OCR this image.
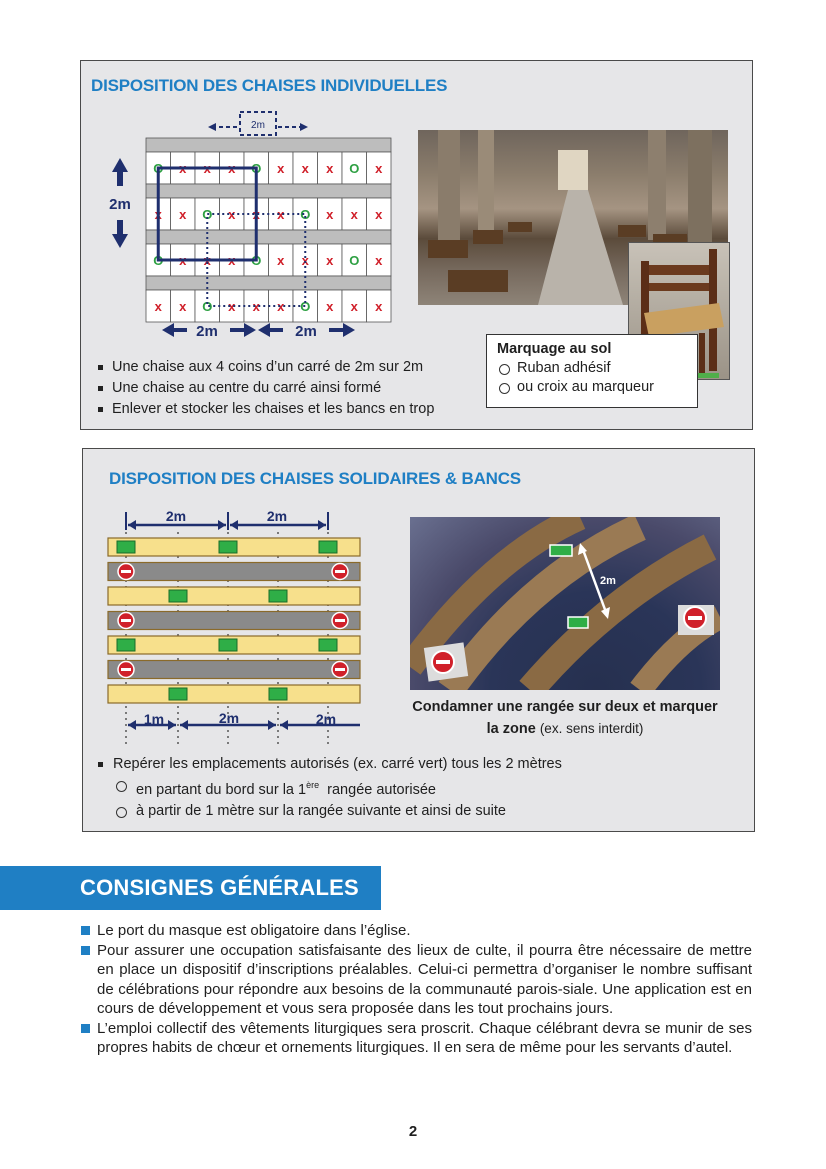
DISPOSITION DES CHAISES INDIVIDUELLES
2m
2m
O x x x O x x x O x
x x O x x x O x x x
O x x x O x x x O x
x x O x x x O x x x
2m	2m
Marquage au sol
Ruban adhésif
ou croix au marqueur
Une chaise aux 4 coins d’un carré de 2m sur 2m
Une chaise au centre du carré ainsi formé
Enlever et stocker les chaises et les bancs en trop
DISPOSITION DES CHAISES SOLIDAIRES & BANCS
2m	2m
1m	2m	2m
2m
Condamner une rangée sur deux et marquer la zone (ex. sens interdit)
Repérer les emplacements autorisés (ex. carré vert) tous les 2 mètres
en partant du bord sur la 1ère  rangée autorisée
à partir de 1 mètre sur la rangée suivante et ainsi de suite
CONSIGNES GÉNÉRALES
Le port du masque est obligatoire dans l’église.
Pour assurer une occupation satisfaisante des lieux de culte, il pourra être nécessaire de mettre en place un dispositif d’inscriptions préalables. Celui-ci permettra d’organiser le nombre suffisant de célébrations pour répondre aux besoins de la communauté parois-siale. Une application est en cours de développement et vous sera proposée dans les tout prochains jours.
L’emploi collectif des vêtements liturgiques sera proscrit. Chaque célébrant devra se munir de ses propres habits de chœur et ornements liturgiques. Il en sera de même pour les servants d’autel.
2
